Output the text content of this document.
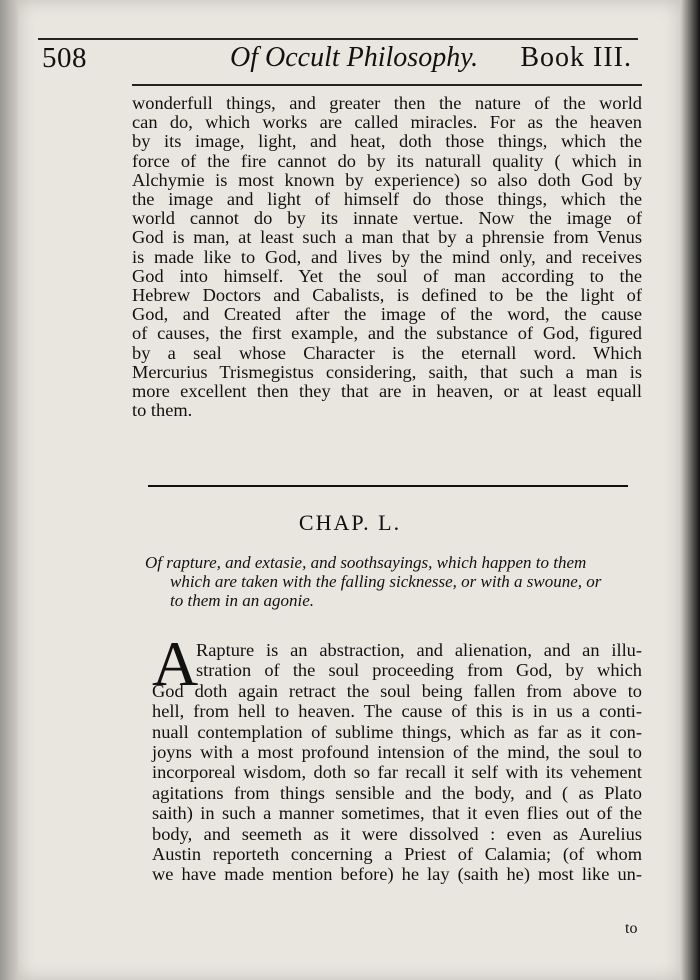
508	Of Occult Philosophy. Book III.
wonderfull things, and greater then the nature of the world
can do, which works are called miracles. For as the heaven
by its image, light, and heat, doth those things, which the
force of the fire cannot do by its naturall quality ( which in
Alchymie is most known by experience) so also doth God by
the image and light of himself do those things, which the
world cannot do by its innate vertue. Now the image of
God is man, at least such a man that by a phrensie from Venus
is made like to God, and lives by the mind only, and receives
God into himself. Yet the soul of man according to the
Hebrew Doctors and Cabalists, is defined to be the light of
God, and Created after the image of the word, the cause
of causes, the first example, and the substance of God, figured
by a seal whose Character is the eternall word. Which
Mercurius Trismegistus considering, saith, that such a man is
more excellent then they that are in heaven, or at least equall
to them.
CHAP. L.
Of rapture, and extasie, and soothsayings, which happen to them
which are taken with the falling sicknesse, or with a swoune, or
to them in an agonie.
A
Rapture is an abstraction, and alienation, and an illu-
stration of the soul proceeding from God, by which
God doth again retract the soul being fallen from above to
hell, from hell to heaven. The cause of this is in us a conti-
nuall contemplation of sublime things, which as far as it con-
joyns with a most profound intension of the mind, the soul to
incorporeal wisdom, doth so far recall it self with its vehement
agitations from things sensible and the body, and ( as Plato
saith) in such a manner sometimes, that it even flies out of the
body, and seemeth as it were dissolved : even as Aurelius
Austin reporteth concerning a Priest of Calamia; (of whom
we have made mention before) he lay (saith he) most like un-
to
